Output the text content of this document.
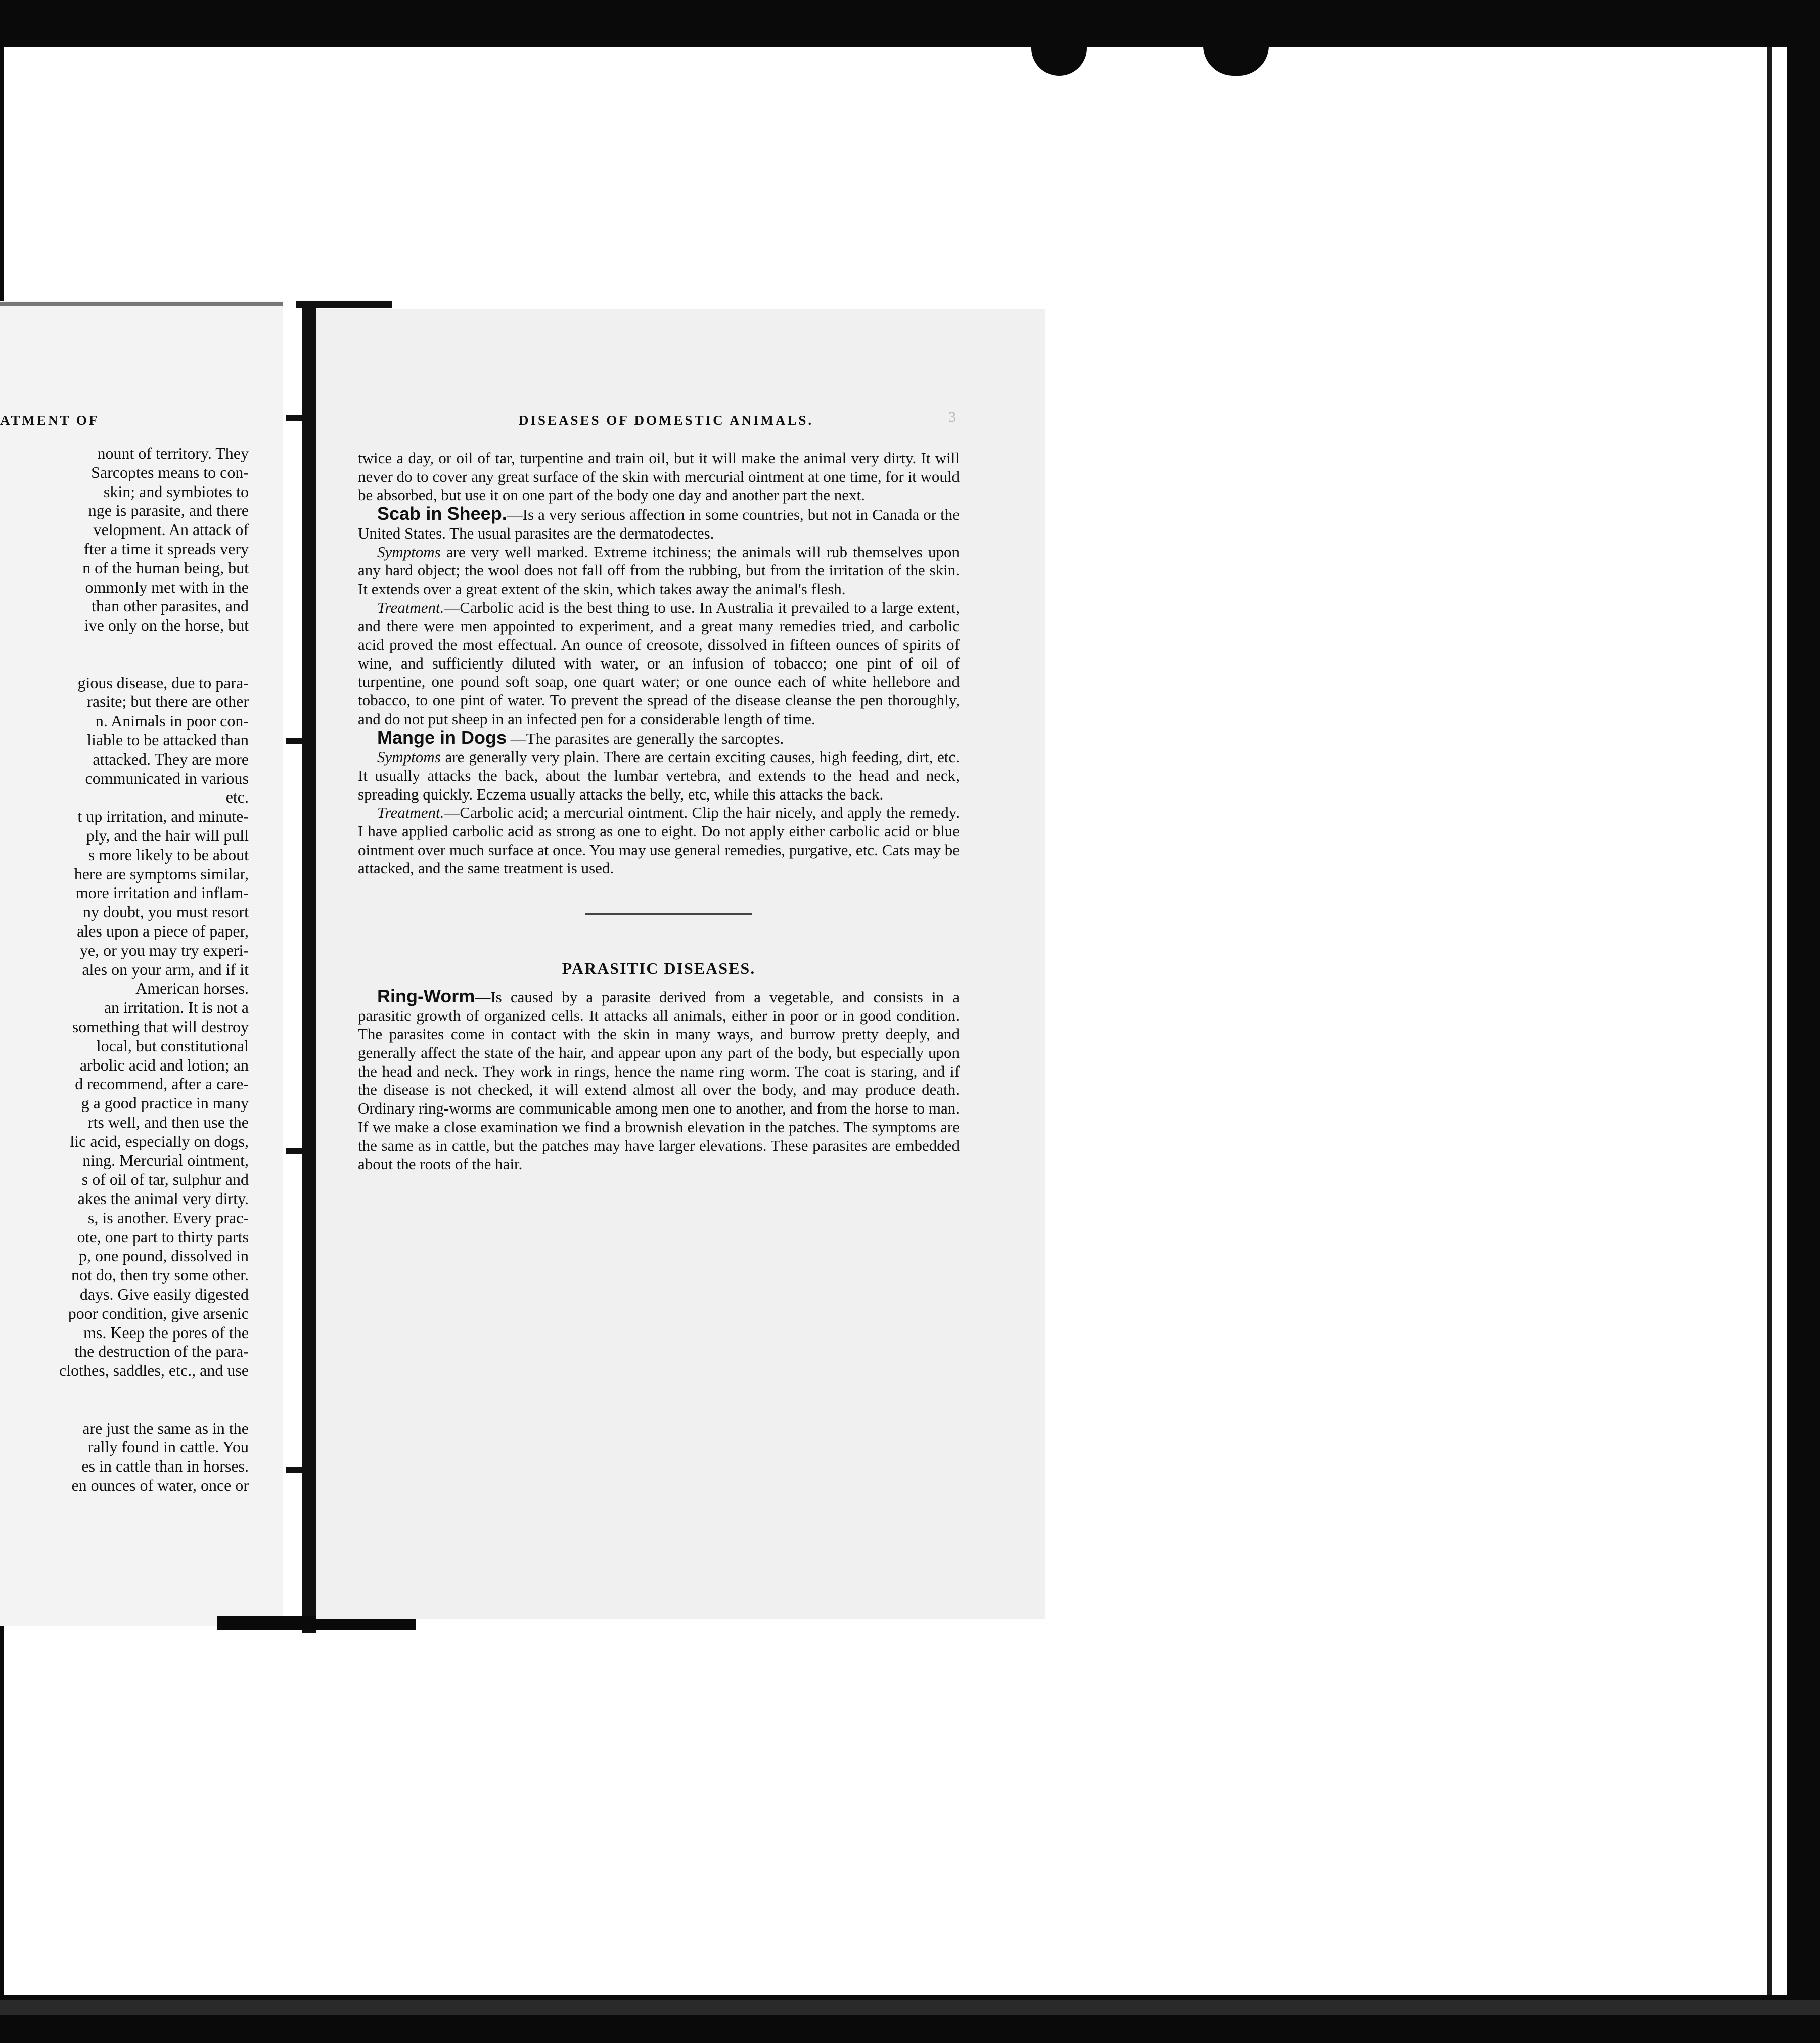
ATMENT OF
nount of territory. They
Sarcoptes means to con-
skin; and symbiotes to
nge is parasite, and there
velopment. An attack of
fter a time it spreads very
n of the human being, but
ommonly met with in the
than other parasites, and
ive only on the horse, but
gious disease, due to para-
rasite; but there are other
n. Animals in poor con-
liable to be attacked than
attacked. They are more
communicated in various
etc.
t up irritation, and minute-
ply, and the hair will pull
s more likely to be about
here are symptoms similar,
more irritation and inflam-
ny doubt, you must resort
ales upon a piece of paper,
ye, or you may try experi-
ales on your arm, and if it
American horses.
an irritation. It is not a
something that will destroy
local, but constitutional
arbolic acid and lotion; an
d recommend, after a care-
g a good practice in many
rts well, and then use the
lic acid, especially on dogs,
ning. Mercurial ointment,
s of oil of tar, sulphur and
akes the animal very dirty.
s, is another. Every prac-
ote, one part to thirty parts
p, one pound, dissolved in
not do, then try some other.
days. Give easily digested
poor condition, give arsenic
ms. Keep the pores of the
the destruction of the para-
clothes, saddles, etc., and use
are just the same as in the
rally found in cattle. You
es in cattle than in horses.
en ounces of water, once or
DISEASES OF DOMESTIC ANIMALS.	3

twice a day, or oil of tar, turpentine and train oil, but it will make the animal very dirty. It will never do to cover any great surface of the skin with mercurial ointment at one time, for it would be absorbed, but use it on one part of the body one day and another part the next.

Scab in Sheep.—Is a very serious affection in some countries, but not in Canada or the United States. The usual parasites are the dermatodectes.

Symptoms are very well marked. Extreme itchiness; the animals will rub themselves upon any hard object; the wool does not fall off from the rubbing, but from the irritation of the skin. It extends over a great extent of the skin, which takes away the animal's flesh.

Treatment.—Carbolic acid is the best thing to use. In Australia it prevailed to a large extent, and there were men appointed to experiment, and a great many remedies tried, and carbolic acid proved the most effectual. An ounce of creosote, dissolved in fifteen ounces of spirits of wine, and sufficiently diluted with water, or an infusion of tobacco; one pint of oil of turpentine, one pound soft soap, one quart water; or one ounce each of white hellebore and tobacco, to one pint of water. To prevent the spread of the disease cleanse the pen thoroughly, and do not put sheep in an infected pen for a considerable length of time.

Mange in Dogs —The parasites are generally the sarcoptes.

Symptoms are generally very plain. There are certain exciting causes, high feeding, dirt, etc. It usually attacks the back, about the lumbar vertebra, and extends to the head and neck, spreading quickly. Eczema usually attacks the belly, etc, while this attacks the back.

Treatment.—Carbolic acid; a mercurial ointment. Clip the hair nicely, and apply the remedy. I have applied carbolic acid as strong as one to eight. Do not apply either carbolic acid or blue ointment over much surface at once. You may use general remedies, purgative, etc. Cats may be attacked, and the same treatment is used.

PARASITIC DISEASES.

Ring-Worm—Is caused by a parasite derived from a vegetable, and consists in a parasitic growth of organized cells. It attacks all animals, either in poor or in good condition. The parasites come in contact with the skin in many ways, and burrow pretty deeply, and generally affect the state of the hair, and appear upon any part of the body, but especially upon the head and neck. They work in rings, hence the name ring worm. The coat is staring, and if the disease is not checked, it will extend almost all over the body, and may produce death. Ordinary ring-worms are communicable among men one to another, and from the horse to man. If we make a close examination we find a brownish elevation in the patches. The symptoms are the same as in cattle, but the patches may have larger elevations. These parasites are embedded about the roots of the hair.
